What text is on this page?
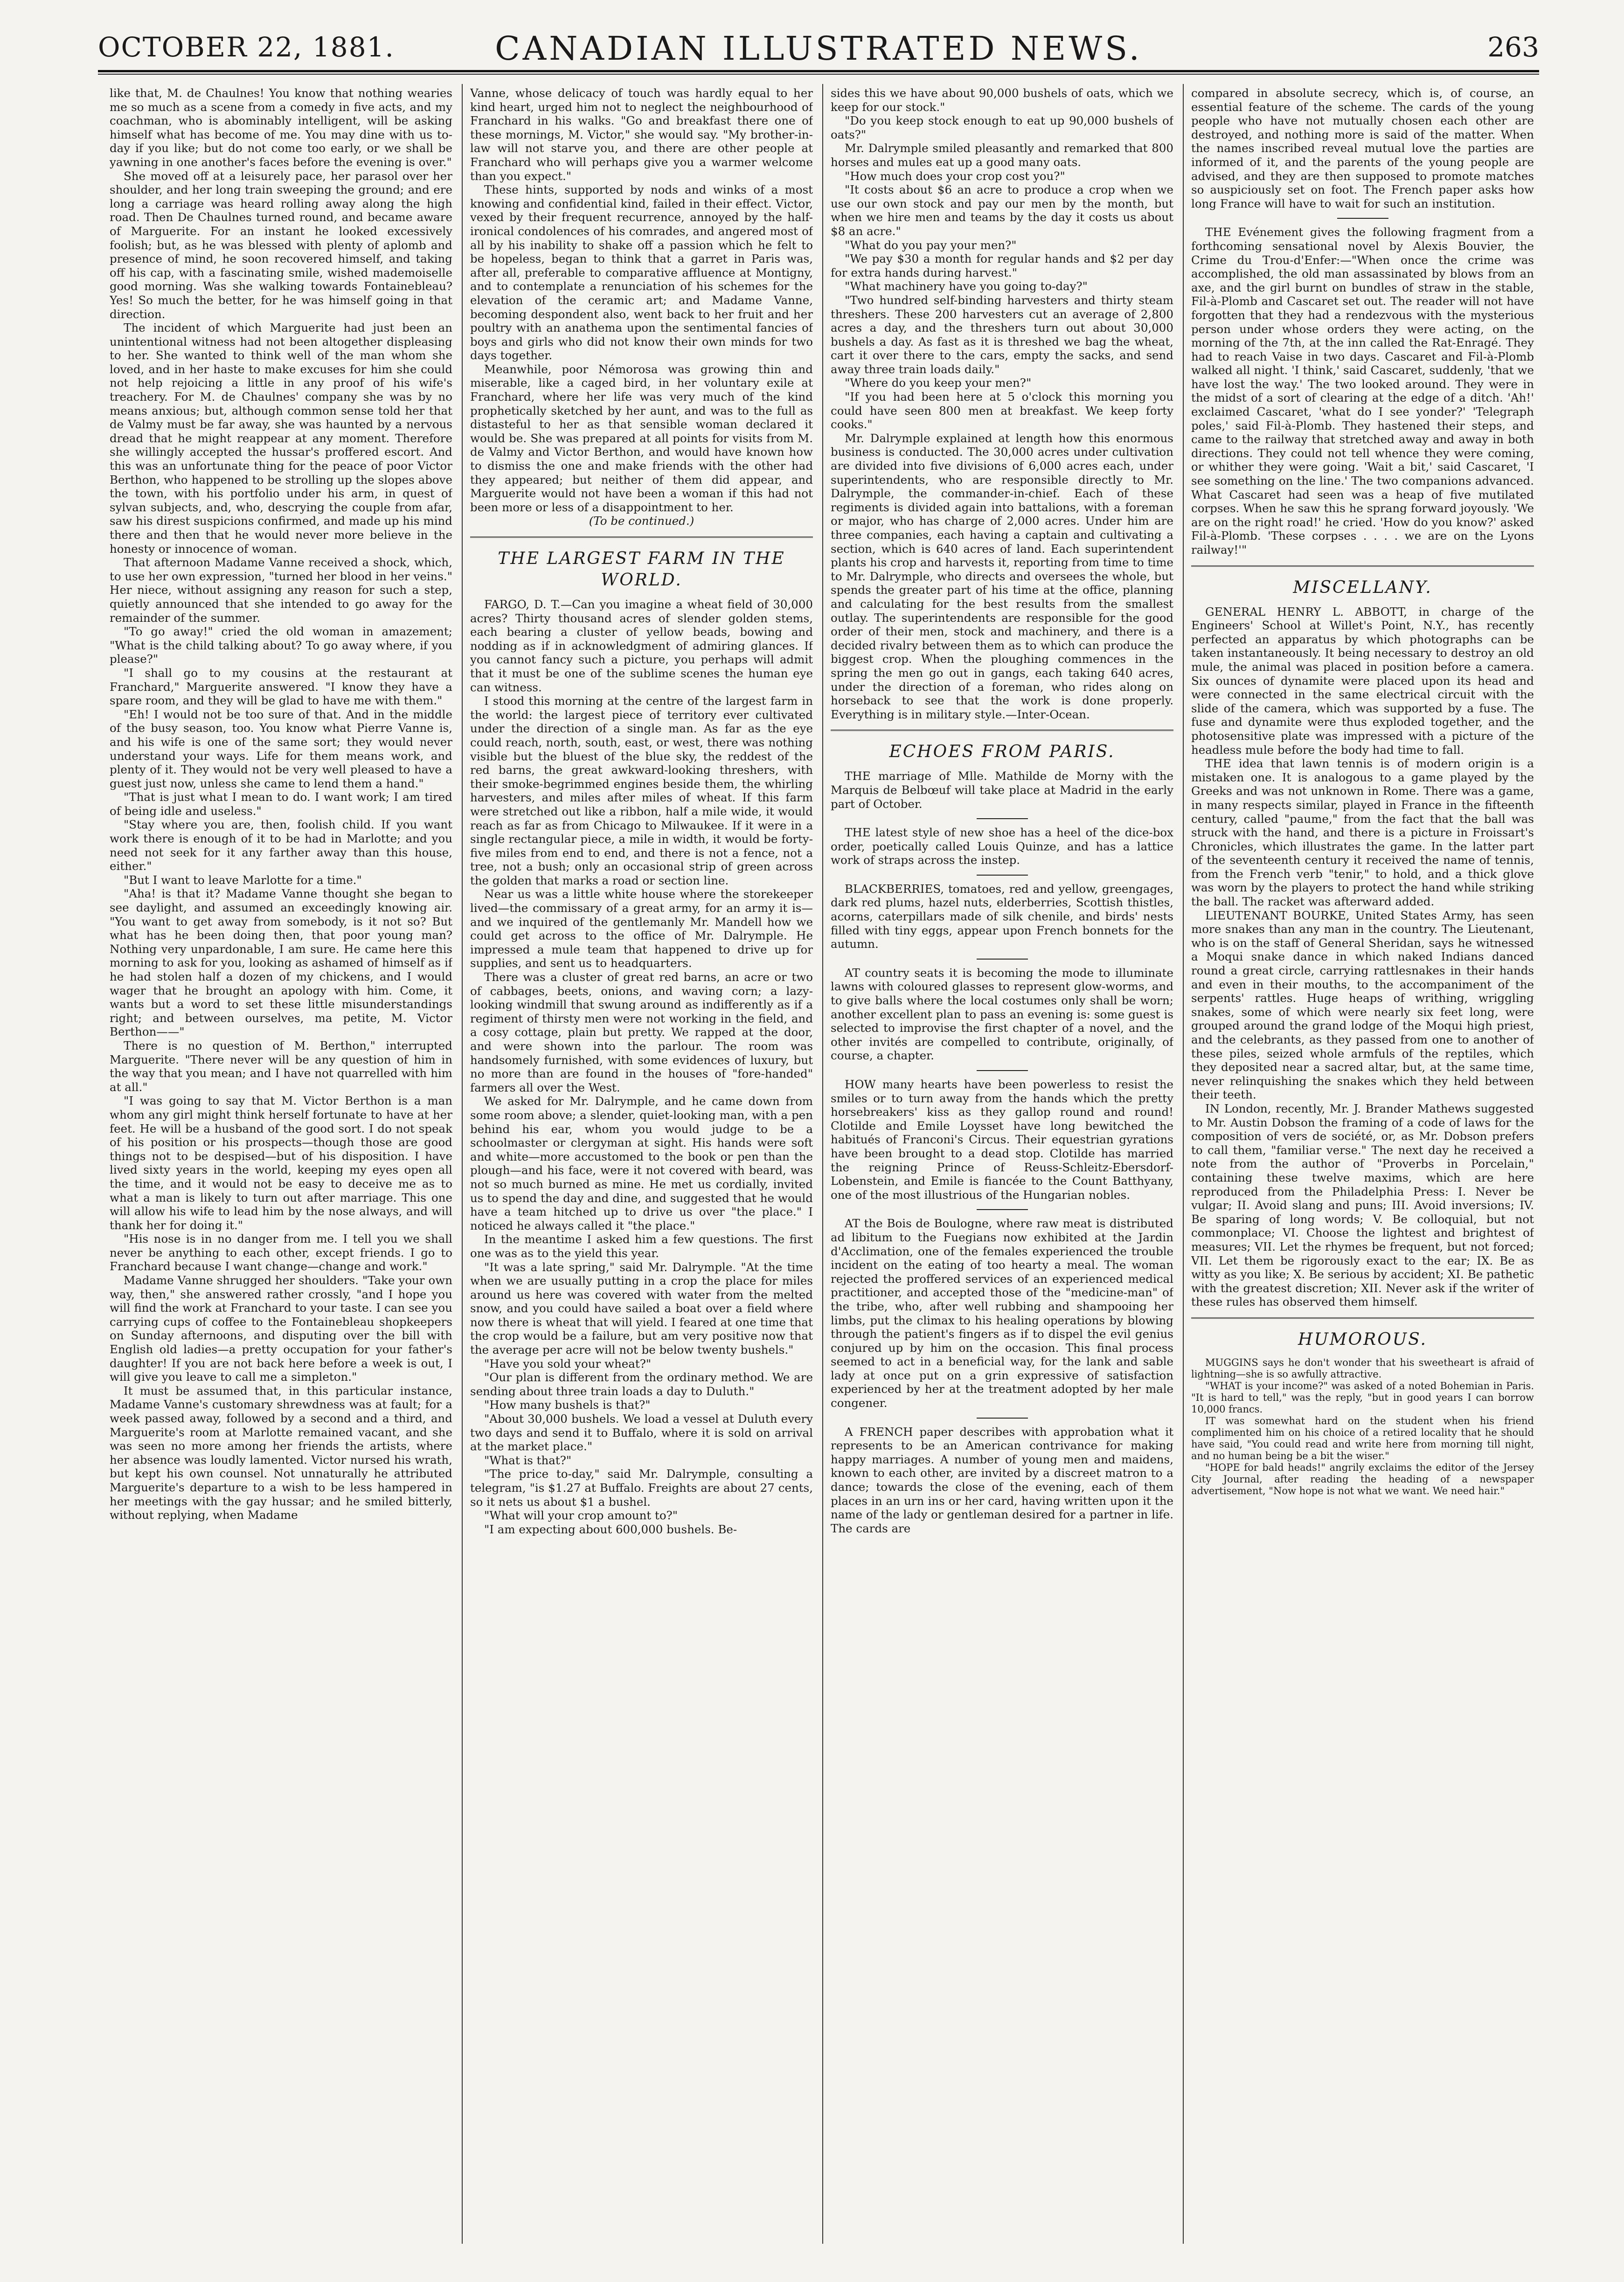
OCTOBER 22, 1881.	CANADIAN ILLUSTRATED NEWS.	263

like that, M. de Chaulnes! You know that nothing wearies me so much as a scene from a comedy in five acts, and my coachman, who is abominably intelligent, will be asking himself what has become of me. You may dine with us to-day if you like; but do not come too early, or we shall be yawning in one another's faces before the evening is over."

She moved off at a leisurely pace, her parasol over her shoulder, and her long train sweeping the ground; and ere long a carriage was heard rolling away along the high road. Then De Chaulnes turned round, and became aware of Marguerite. For an instant he looked excessively foolish; but, as he was blessed with plenty of aplomb and presence of mind, he soon recovered himself, and taking off his cap, with a fascinating smile, wished mademoiselle good morning. Was she walking towards Fontainebleau? Yes! So much the better, for he was himself going in that direction.

The incident of which Marguerite had just been an unintentional witness had not been altogether displeasing to her. She wanted to think well of the man whom she loved, and in her haste to make excuses for him she could not help rejoicing a little in any proof of his wife's treachery. For M. de Chaulnes' company she was by no means anxious; but, although common sense told her that de Valmy must be far away, she was haunted by a nervous dread that he might reappear at any moment. Therefore she willingly accepted the hussar's proffered escort. And this was an unfortunate thing for the peace of poor Victor Berthon, who happened to be strolling up the slopes above the town, with his portfolio under his arm, in quest of sylvan subjects, and, who, descrying the couple from afar, saw his direst suspicions confirmed, and made up his mind there and then that he would never more believe in the honesty or innocence of woman.

That afternoon Madame Vanne received a shock, which, to use her own expression, "turned her blood in her veins." Her niece, without assigning any reason for such a step, quietly announced that she intended to go away for the remainder of the summer.

"To go away!" cried the old woman in amazement; "What is the child talking about? To go away where, if you please?"

"I shall go to my cousins at the restaurant at Franchard," Marguerite answered. "I know they have a spare room, and they will be glad to have me with them."

"Eh! I would not be too sure of that. And in the middle of the busy season, too. You know what Pierre Vanne is, and his wife is one of the same sort; they would never understand your ways. Life for them means work, and plenty of it. They would not be very well pleased to have a guest just now, unless she came to lend them a hand."

"That is just what I mean to do. I want work; I am tired of being idle and useless."

"Stay where you are, then, foolish child. If you want work there is enough of it to be had in Marlotte; and you need not seek for it any farther away than this house, either."

"But I want to leave Marlotte for a time."

"Aha! is that it? Madame Vanne thought she began to see daylight, and assumed an exceedingly knowing air. "You want to get away from somebody, is it not so? But what has he been doing then, that poor young man? Nothing very unpardonable, I am sure. He came here this morning to ask for you, looking as ashamed of himself as if he had stolen half a dozen of my chickens, and I would wager that he brought an apology with him. Come, it wants but a word to set these little misunderstandings right; and between ourselves, ma petite, M. Victor Berthon——"

There is no question of M. Berthon," interrupted Marguerite. "There never will be any question of him in the way that you mean; and I have not quarrelled with him at all."

"I was going to say that M. Victor Berthon is a man whom any girl might think herself fortunate to have at her feet. He will be a husband of the good sort. I do not speak of his position or his prospects—though those are good things not to be despised—but of his disposition. I have lived sixty years in the world, keeping my eyes open all the time, and it would not be easy to deceive me as to what a man is likely to turn out after marriage. This one will allow his wife to lead him by the nose always, and will thank her for doing it."

"His nose is in no danger from me. I tell you we shall never be anything to each other, except friends. I go to Franchard because I want change—change and work."

Madame Vanne shrugged her shoulders. "Take your own way, then," she answered rather crossly, "and I hope you will find the work at Franchard to your taste. I can see you carrying cups of coffee to the Fontainebleau shopkeepers on Sunday afternoons, and disputing over the bill with English old ladies—a pretty occupation for your father's daughter! If you are not back here before a week is out, I will give you leave to call me a simpleton."

It must be assumed that, in this particular instance, Madame Vanne's customary shrewdness was at fault; for a week passed away, followed by a second and a third, and Marguerite's room at Marlotte remained vacant, and she was seen no more among her friends the artists, where her absence was loudly lamented. Victor nursed his wrath, but kept his own counsel. Not unnaturally he attributed Marguerite's departure to a wish to be less hampered in her meetings with the gay hussar; and he smiled bitterly, without replying, when Madame

Vanne, whose delicacy of touch was hardly equal to her kind heart, urged him not to neglect the neighbourhood of Franchard in his walks. "Go and breakfast there one of these mornings, M. Victor," she would say. "My brother-in-law will not starve you, and there are other people at Franchard who will perhaps give you a warmer welcome than you expect."

These hints, supported by nods and winks of a most knowing and confidential kind, failed in their effect. Victor, vexed by their frequent recurrence, annoyed by the half-ironical condolences of his comrades, and angered most of all by his inability to shake off a passion which he felt to be hopeless, began to think that a garret in Paris was, after all, preferable to comparative affluence at Montigny, and to contemplate a renunciation of his schemes for the elevation of the ceramic art; and Madame Vanne, becoming despondent also, went back to her fruit and her poultry with an anathema upon the sentimental fancies of boys and girls who did not know their own minds for two days together.

Meanwhile, poor Némorosa was growing thin and miserable, like a caged bird, in her voluntary exile at Franchard, where her life was very much of the kind prophetically sketched by her aunt, and was to the full as distasteful to her as that sensible woman declared it would be. She was prepared at all points for visits from M. de Valmy and Victor Berthon, and would have known how to dismiss the one and make friends with the other had they appeared; but neither of them did appear, and Marguerite would not have been a woman if this had not been more or less of a disappointment to her.

(To be continued.)

THE LARGEST FARM IN THE WORLD.

FARGO, D. T.—Can you imagine a wheat field of 30,000 acres? Thirty thousand acres of slender golden stems, each bearing a cluster of yellow beads, bowing and nodding as if in acknowledgment of admiring glances. If you cannot fancy such a picture, you perhaps will admit that it must be one of the sublime scenes the human eye can witness.

I stood this morning at the centre of the largest farm in the world: the largest piece of territory ever cultivated under the direction of a single man. As far as the eye could reach, north, south, east, or west, there was nothing visible but the bluest of the blue sky, the reddest of the red barns, the great awkward-looking threshers, with their smoke-begrimmed engines beside them, the whirling harvesters, and miles after miles of wheat. If this farm were stretched out like a ribbon, half a mile wide, it would reach as far as from Chicago to Milwaukee. If it were in a single rectangular piece, a mile in width, it would be forty-five miles from end to end, and there is not a fence, not a tree, not a bush; only an occasional strip of green across the golden that marks a road or section line.

Near us was a little white house where the storekeeper lived—the commissary of a great army, for an army it is—and we inquired of the gentlemanly Mr. Mandell how we could get across to the office of Mr. Dalrymple. He impressed a mule team that happened to drive up for supplies, and sent us to headquarters.

There was a cluster of great red barns, an acre or two of cabbages, beets, onions, and waving corn; a lazy-looking windmill that swung around as indifferently as if a regiment of thirsty men were not working in the field, and a cosy cottage, plain but pretty. We rapped at the door, and were shown into the parlour. The room was handsomely furnished, with some evidences of luxury, but no more than are found in the houses of "fore-handed" farmers all over the West.

We asked for Mr. Dalrymple, and he came down from some room above; a slender, quiet-looking man, with a pen behind his ear, whom you would judge to be a schoolmaster or clergyman at sight. His hands were soft and white—more accustomed to the book or pen than the plough—and his face, were it not covered with beard, was not so much burned as mine. He met us cordially, invited us to spend the day and dine, and suggested that he would have a team hitched up to drive us over "the place." I noticed he always called it "the place."

In the meantime I asked him a few questions. The first one was as to the yield this year.

"It was a late spring," said Mr. Dalrymple. "At the time when we are usually putting in a crop the place for miles around us here was covered with water from the melted snow, and you could have sailed a boat over a field where now there is wheat that will yield. I feared at one time that the crop would be a failure, but am very positive now that the average per acre will not be below twenty bushels."

"Have you sold your wheat?"

"Our plan is different from the ordinary method. We are sending about three train loads a day to Duluth."

"How many bushels is that?"

"About 30,000 bushels. We load a vessel at Duluth every two days and send it to Buffalo, where it is sold on arrival at the market place."

"What is that?"

"The price to-day," said Mr. Dalrymple, consulting a telegram, "is $1.27 at Buffalo. Freights are about 27 cents, so it nets us about $1 a bushel.

"What will your crop amount to?"

"I am expecting about 600,000 bushels. Be-

sides this we have about 90,000 bushels of oats, which we keep for our stock."

"Do you keep stock enough to eat up 90,000 bushels of oats?"

Mr. Dalrymple smiled pleasantly and remarked that 800 horses and mules eat up a good many oats.

"How much does your crop cost you?"

"It costs about $6 an acre to produce a crop when we use our own stock and pay our men by the month, but when we hire men and teams by the day it costs us about $8 an acre."

"What do you pay your men?"

"We pay $30 a month for regular hands and $2 per day for extra hands during harvest."

"What machinery have you going to-day?"

"Two hundred self-binding harvesters and thirty steam threshers. These 200 harvesters cut an average of 2,800 acres a day, and the threshers turn out about 30,000 bushels a day. As fast as it is threshed we bag the wheat, cart it over there to the cars, empty the sacks, and send away three train loads daily."

"Where do you keep your men?"

"If you had been here at 5 o'clock this morning you could have seen 800 men at breakfast. We keep forty cooks."

Mr. Dalrymple explained at length how this enormous business is conducted. The 30,000 acres under cultivation are divided into five divisions of 6,000 acres each, under superintendents, who are responsible directly to Mr. Dalrymple, the commander-in-chief. Each of these regiments is divided again into battalions, with a foreman or major, who has charge of 2,000 acres. Under him are three companies, each having a captain and cultivating a section, which is 640 acres of land. Each superintendent plants his crop and harvests it, reporting from time to time to Mr. Dalrymple, who directs and oversees the whole, but spends the greater part of his time at the office, planning and calculating for the best results from the smallest outlay. The superintendents are responsible for the good order of their men, stock and machinery, and there is a decided rivalry between them as to which can produce the biggest crop. When the ploughing commences in the spring the men go out in gangs, each taking 640 acres, under the direction of a foreman, who rides along on horseback to see that the work is done properly. Everything is in military style.—Inter-Ocean.

ECHOES FROM PARIS.

THE marriage of Mlle. Mathilde de Morny with the Marquis de Belbœuf will take place at Madrid in the early part of October.

THE latest style of new shoe has a heel of the dice-box order, poetically called Louis Quinze, and has a lattice work of straps across the instep.

BLACKBERRIES, tomatoes, red and yellow, greengages, dark red plums, hazel nuts, elderberries, Scottish thistles, acorns, caterpillars made of silk chenile, and birds' nests filled with tiny eggs, appear upon French bonnets for the autumn.

AT country seats it is becoming the mode to illuminate lawns with coloured glasses to represent glow-worms, and to give balls where the local costumes only shall be worn; another excellent plan to pass an evening is: some guest is selected to improvise the first chapter of a novel, and the other invités are compelled to contribute, originally, of course, a chapter.

HOW many hearts have been powerless to resist the smiles or to turn away from the hands which the pretty horsebreakers' kiss as they gallop round and round! Clotilde and Emile Loysset have long bewitched the habitués of Franconi's Circus. Their equestrian gyrations have been brought to a dead stop. Clotilde has married the reigning Prince of Reuss-Schleitz-Ebersdorf-Lobenstein, and Emile is fiancée to the Count Batthyany, one of the most illustrious of the Hungarian nobles.

AT the Bois de Boulogne, where raw meat is distributed ad libitum to the Fuegians now exhibited at the Jardin d'Acclimation, one of the females experienced the trouble incident on the eating of too hearty a meal. The woman rejected the proffered services of an experienced medical practitioner, and accepted those of the "medicine-man" of the tribe, who, after well rubbing and shampooing her limbs, put the climax to his healing operations by blowing through the patient's fingers as if to dispel the evil genius conjured up by him on the occasion. This final process seemed to act in a beneficial way, for the lank and sable lady at once put on a grin expressive of satisfaction experienced by her at the treatment adopted by her male congener.

A FRENCH paper describes with approbation what it represents to be an American contrivance for making happy marriages. A number of young men and maidens, known to each other, are invited by a discreet matron to a dance; towards the close of the evening, each of them places in an urn ins or her card, having written upon it the name of the lady or gentleman desired for a partner in life. The cards are

compared in absolute secrecy, which is, of course, an essential feature of the scheme. The cards of the young people who have not mutually chosen each other are destroyed, and nothing more is said of the matter. When the names inscribed reveal mutual love the parties are informed of it, and the parents of the young people are advised, and they are then supposed to promote matches so auspiciously set on foot. The French paper asks how long France will have to wait for such an institution.

THE Evénement gives the following fragment from a forthcoming sensational novel by Alexis Bouvier, the Crime du Trou-d'Enfer:—"When once the crime was accomplished, the old man assassinated by blows from an axe, and the girl burnt on bundles of straw in the stable, Fil-à-Plomb and Cascaret set out. The reader will not have forgotten that they had a rendezvous with the mysterious person under whose orders they were acting, on the morning of the 7th, at the inn called the Rat-Enragé. They had to reach Vaise in two days. Cascaret and Fil-à-Plomb walked all night. 'I think,' said Cascaret, suddenly, 'that we have lost the way.' The two looked around. They were in the midst of a sort of clearing at the edge of a ditch. 'Ah!' exclaimed Cascaret, 'what do I see yonder?' 'Telegraph poles,' said Fil-à-Plomb. They hastened their steps, and came to the railway that stretched away and away in both directions. They could not tell whence they were coming, or whither they were going. 'Wait a bit,' said Cascaret, 'I see something on the line.' The two companions advanced. What Cascaret had seen was a heap of five mutilated corpses. When he saw this he sprang forward joyously. 'We are on the right road!' he cried. 'How do you know?' asked Fil-à-Plomb. 'These corpses . . . . we are on the Lyons railway!'"

MISCELLANY.

GENERAL HENRY L. ABBOTT, in charge of the Engineers' School at Willet's Point, N.Y., has recently perfected an apparatus by which photographs can be taken instantaneously. It being necessary to destroy an old mule, the animal was placed in position before a camera. Six ounces of dynamite were placed upon its head and were connected in the same electrical circuit with the slide of the camera, which was supported by a fuse. The fuse and dynamite were thus exploded together, and the photosensitive plate was impressed with a picture of the headless mule before the body had time to fall.

THE idea that lawn tennis is of modern origin is a mistaken one. It is analogous to a game played by the Greeks and was not unknown in Rome. There was a game, in many respects similar, played in France in the fifteenth century, called "paume," from the fact that the ball was struck with the hand, and there is a picture in Froissart's Chronicles, which illustrates the game. In the latter part of the seventeenth century it received the name of tennis, from the French verb "tenir," to hold, and a thick glove was worn by the players to protect the hand while striking the ball. The racket was afterward added.

LIEUTENANT BOURKE, United States Army, has seen more snakes than any man in the country. The Lieutenant, who is on the staff of General Sheridan, says he witnessed a Moqui snake dance in which naked Indians danced round a great circle, carrying rattlesnakes in their hands and even in their mouths, to the accompaniment of the serpents' rattles. Huge heaps of writhing, wriggling snakes, some of which were nearly six feet long, were grouped around the grand lodge of the Moqui high priest, and the celebrants, as they passed from one to another of these piles, seized whole armfuls of the reptiles, which they deposited near a sacred altar, but, at the same time, never relinquishing the snakes which they held between their teeth.

IN London, recently, Mr. J. Brander Mathews suggested to Mr. Austin Dobson the framing of a code of laws for the composition of vers de société, or, as Mr. Dobson prefers to call them, "familiar verse." The next day he received a note from the author of "Proverbs in Porcelain," containing these twelve maxims, which are here reproduced from the Philadelphia Press: I. Never be vulgar; II. Avoid slang and puns; III. Avoid inversions; IV. Be sparing of long words; V. Be colloquial, but not commonplace; VI. Choose the lightest and brightest of measures; VII. Let the rhymes be frequent, but not forced; VII. Let them be rigorously exact to the ear; IX. Be as witty as you like; X. Be serious by accident; XI. Be pathetic with the greatest discretion; XII. Never ask if the writer of these rules has observed them himself.

HUMOROUS.

MUGGINS says he don't wonder that his sweetheart is afraid of lightning—she is so awfully attractive.

"WHAT is your income?" was asked of a noted Bohemian in Paris. "It is hard to tell," was the reply, "but in good years I can borrow 10,000 francs.

IT was somewhat hard on the student when his friend complimented him on his choice of a retired locality that he should have said, "You could read and write here from morning till night, and no human being be a bit the wiser."

"HOPE for bald heads!" angrily exclaims the editor of the Jersey City Journal, after reading the heading of a newspaper advertisement, "Now hope is not what we want. We need hair."
